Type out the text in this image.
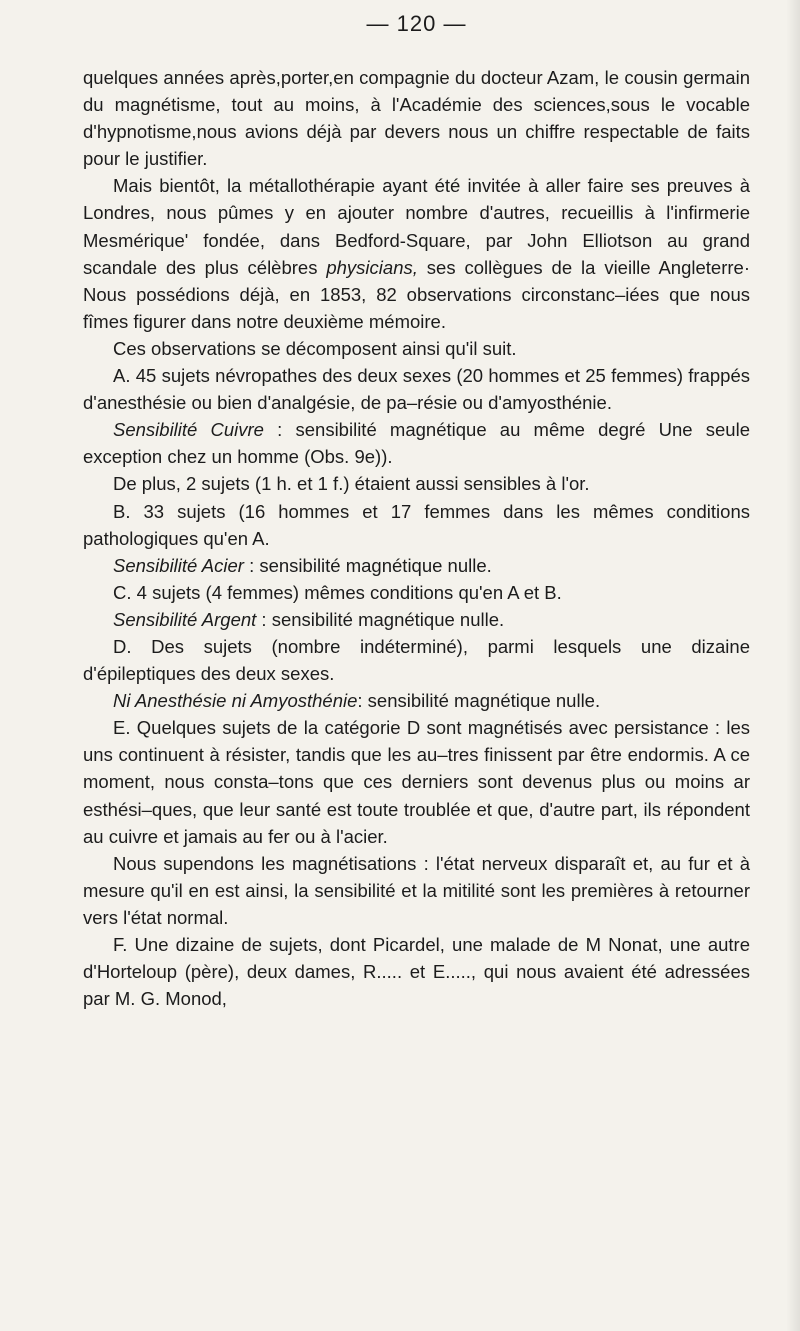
— 120 —

quelques années après,porter,en compagnie du docteur Azam, le cousin germain du magnétisme, tout au moins, à l'Académie des sciences,sous le vocable d'hypnotisme,nous avions déjà par devers nous un chiffre respectable de faits pour le justifier.

Mais bientôt, la métallothérapie ayant été invitée à aller faire ses preuves à Londres, nous pûmes y en ajouter nombre d'autres, recueillis à l'infirmerie Mesmérique' fondée, dans Bedford-Square, par John Elliotson au grand scandale des plus célèbres physicians, ses collègues de la vieille Angleterre· Nous possédions déjà, en 1853, 82 observations circonstanc–iées que nous fîmes figurer dans notre deuxième mémoire.

Ces observations se décomposent ainsi qu'il suit.

A. 45 sujets névropathes des deux sexes (20 hommes et 25 femmes) frappés d'anesthésie ou bien d'analgésie, de pa–résie ou d'amyosthénie.

Sensibilité Cuivre : sensibilité magnétique au même degré Une seule exception chez un homme (Obs. 9e)).

De plus, 2 sujets (1 h. et 1 f.) étaient aussi sensibles à l'or.

B. 33 sujets (16 hommes et 17 femmes dans les mêmes conditions pathologiques qu'en A.

Sensibilité Acier : sensibilité magnétique nulle.

C. 4 sujets (4 femmes) mêmes conditions qu'en A et B.

Sensibilité Argent : sensibilité magnétique nulle.

D. Des sujets (nombre indéterminé), parmi lesquels une dizaine d'épileptiques des deux sexes.

Ni Anesthésie ni Amyosthénie: sensibilité magnétique nulle.

E. Quelques sujets de la catégorie D sont magnétisés avec persistance : les uns continuent à résister, tandis que les au–tres finissent par être endormis. A ce moment, nous consta–tons que ces derniers sont devenus plus ou moins ar esthési–ques, que leur santé est toute troublée et que, d'autre part, ils répondent au cuivre et jamais au fer ou à l'acier.

Nous supendons les magnétisations : l'état nerveux disparaît et, au fur et à mesure qu'il en est ainsi, la sensibilité et la mitilité sont les premières à retourner vers l'état normal.

F. Une dizaine de sujets, dont Picardel, une malade de M Nonat, une autre d'Horteloup (père), deux dames, R..... et E....., qui nous avaient été adressées par M. G. Monod,
